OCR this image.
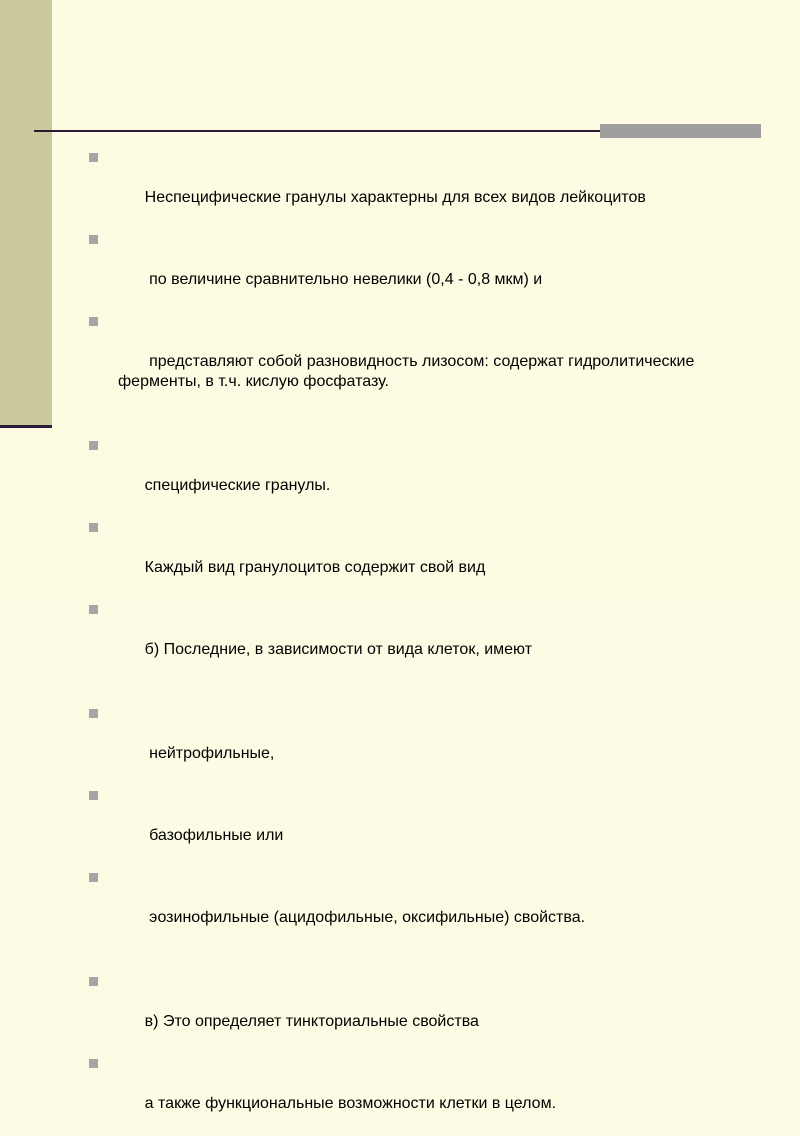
Неспецифические гранулы характерны для всех видов лейкоцитов

по величине сравнительно невелики (0,4 - 0,8 мкм) и

представляют собой разновидность лизосом: содержат гидролитические ферменты, в т.ч. кислую фосфатазу.

специфические гранулы.

Каждый вид гранулоцитов содержит свой вид

б) Последние, в зависимости от вида клеток, имеют

нейтрофильные,

базофильные или

эозинофильные (ацидофильные, оксифильные) свойства.

в) Это определяет тинкториальные свойства

а также функциональные возможности клетки в целом.
